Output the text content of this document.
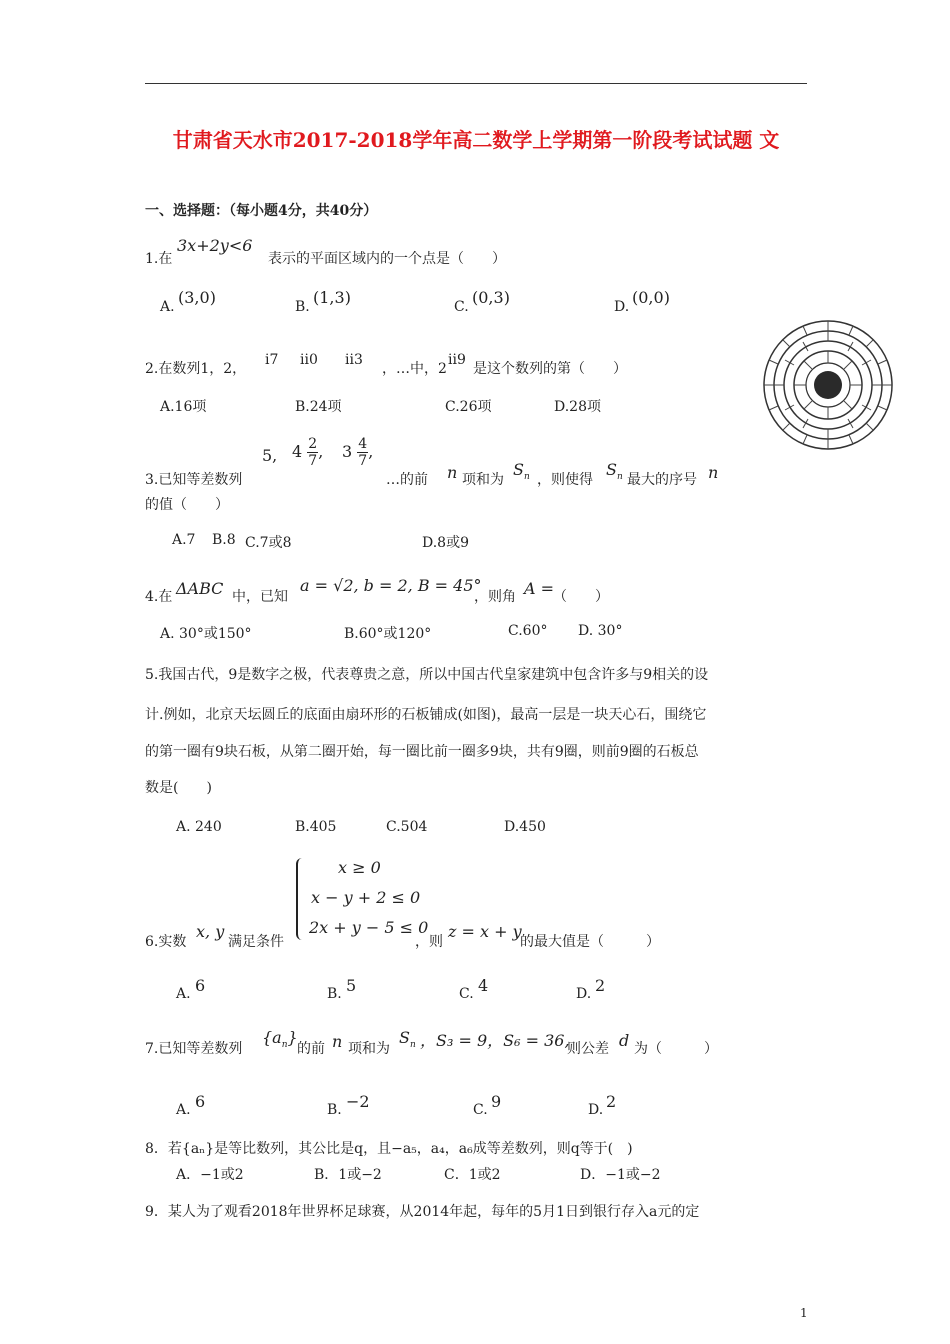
甘肃省天水市2017-2018学年高二数学上学期第一阶段考试试题 文
一、选择题：（每小题4分，共40分）
1.在
3x+2y<6
表示的平面区域内的一个点是（　　）
A. (3,0)	B. (1,3)	C. (0,3)	D. (0,0)
2.在数列1，2，
i7 ii0 ii3
，…中，2
ii9
是这个数列的第（　　）
A.16项	B.24项	C.26项	D.28项
3.已知等差数列
5, $4 \frac{2}{7}$ , $3 \frac{4}{7}$ ,
…的前 n 项和为
$S_n$ ，则使得
$S_n$ 最大的序号 n
的值（　　）
A.7 B.8 C.7或8	D.8或9
4.在 ΔABC 中，已知
a = √2, b = 2, B = 45°
，则角 A =
（　　）
A. 30°或150°	B.60°或120°	C.60° D. 30°
5.我国古代，9是数字之极，代表尊贵之意，所以中国古代皇家建筑中包含许多与9相关的设
计.例如，北京天坛圆丘的底面由扇环形的石板铺成(如图)，最高一层是一块天心石，围绕它
的第一圈有9块石板，从第二圈开始，每一圈比前一圈多9块，共有9圈，则前9圈的石板总
数是(　　)
A. 240	B.405	C.504	D.450
6.实数
x, y
满足条件
x ≥ 0
x − y + 2 ≤ 0
2x + y − 5 ≤ 0
，则
z = x + y
的最大值是（　　　）
A. 6	B. 5	C. 4	D. 2
7.已知等差数列
$\{a_n\}$
的前 n 项和为
$S_n$ ，S₃ = 9，S₆ = 36,
则公差 d 为（　　　）
A. 6	B. −2	C. 9	D. 2
8．若{aₙ}是等比数列，其公比是q，且−a₅，a₄，a₆成等差数列，则q等于(　)
A．−1或2	B．1或−2	C．1或2	D．−1或−2
9．某人为了观看2018年世界杯足球赛，从2014年起，每年的5月1日到银行存入a元的定
1
